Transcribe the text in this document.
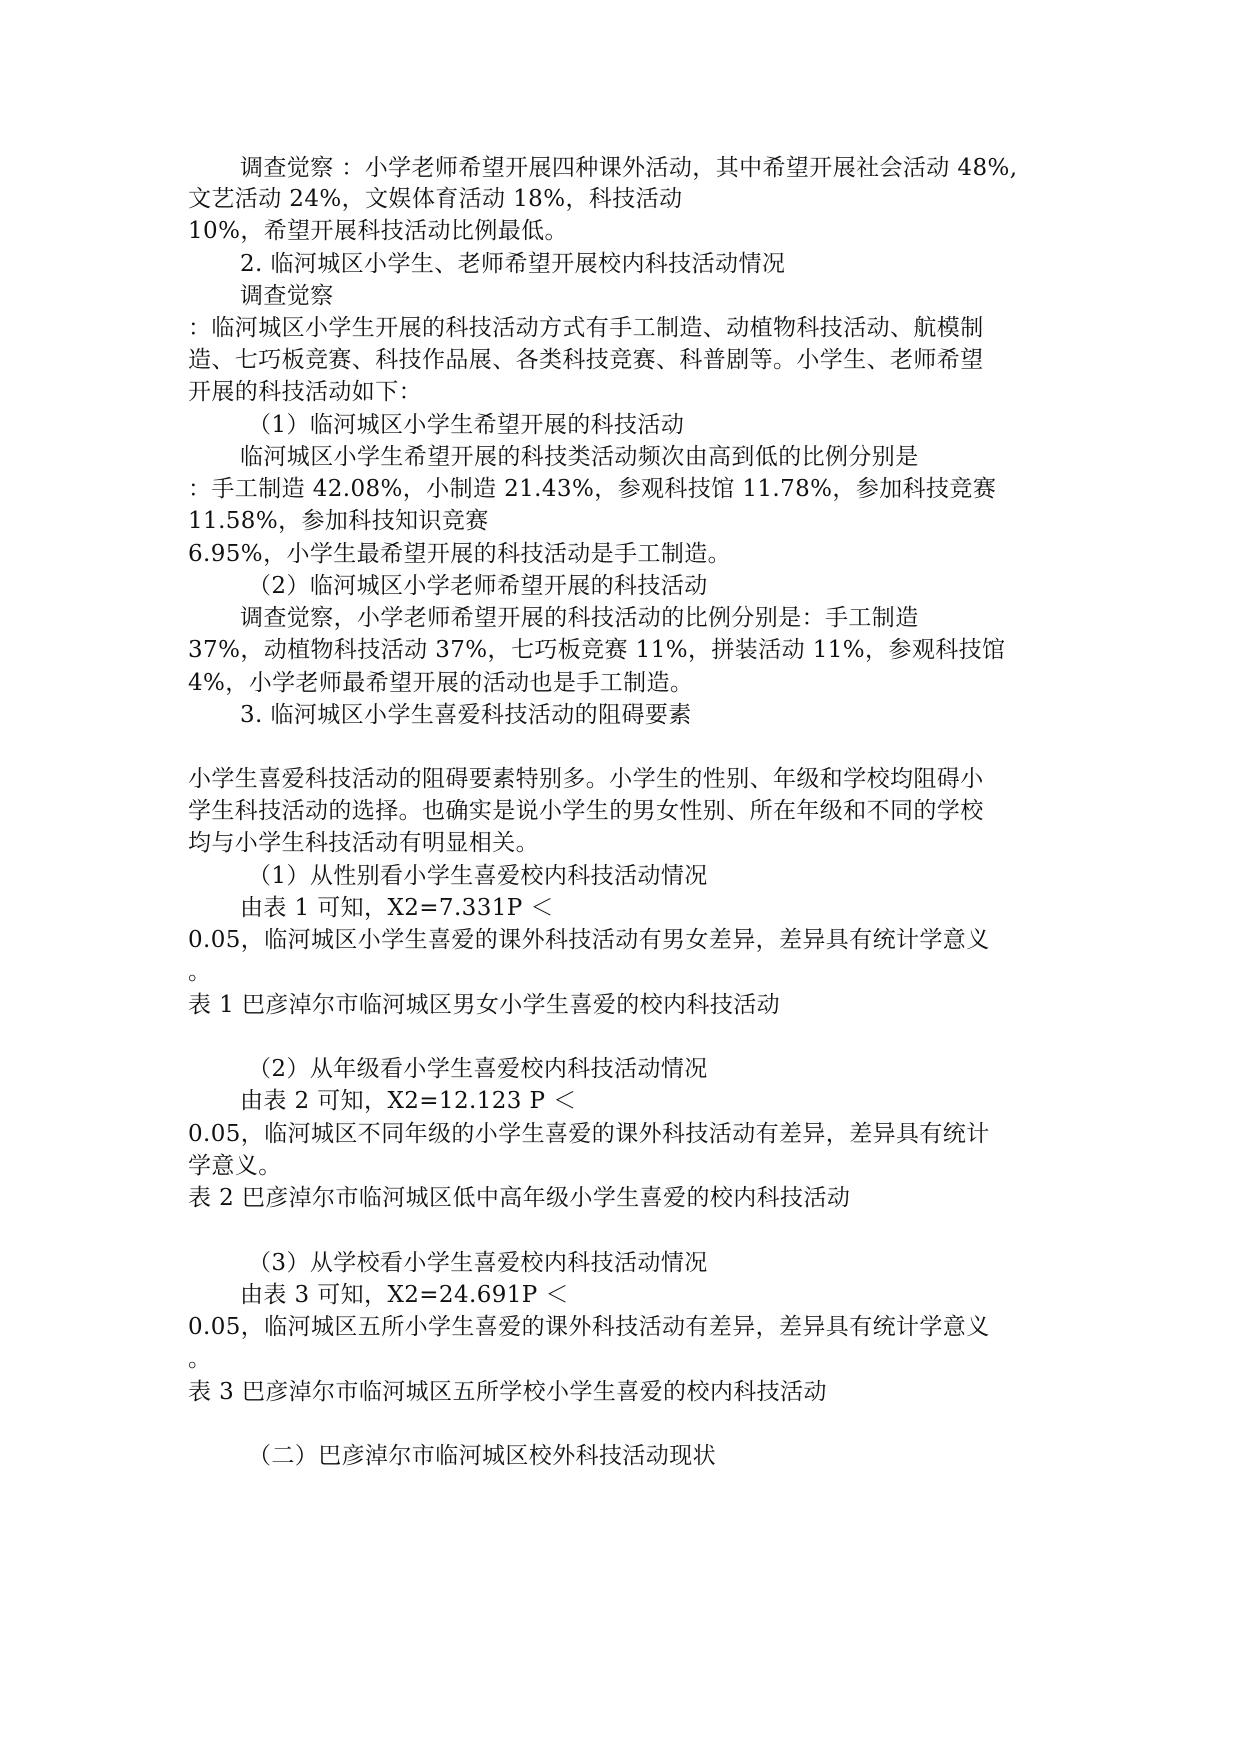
调查觉察 ：小学老师希望开展四种课外活动，其中希望开展社会活动 48%,
文艺活动 24%，文娱体育活动 18%，科技活动
10%，希望开展科技活动比例最低。
2. 临河城区小学生、老师希望开展校内科技活动情况
调查觉察
：临河城区小学生开展的科技活动方式有手工制造、动植物科技活动、航模制
造、七巧板竞赛、科技作品展、各类科技竞赛、科普剧等。小学生、老师希望
开展的科技活动如下：
（1）临河城区小学生希望开展的科技活动
临河城区小学生希望开展的科技类活动频次由高到低的比例分别是
：手工制造 42.08%，小制造 21.43%，参观科技馆 11.78%，参加科技竞赛
11.58%，参加科技知识竞赛
6.95%，小学生最希望开展的科技活动是手工制造。
（2）临河城区小学老师希望开展的科技活动
调查觉察，小学老师希望开展的科技活动的比例分别是：手工制造
37%，动植物科技活动 37%，七巧板竞赛 11%，拼装活动 11%，参观科技馆
4%，小学老师最希望开展的活动也是手工制造。
3. 临河城区小学生喜爱科技活动的阻碍要素
小学生喜爱科技活动的阻碍要素特别多。小学生的性别、年级和学校均阻碍小
学生科技活动的选择。也确实是说小学生的男女性别、所在年级和不同的学校
均与小学生科技活动有明显相关。
（1）从性别看小学生喜爱校内科技活动情况
由表 1 可知，X2=7.331P ＜
0.05，临河城区小学生喜爱的课外科技活动有男女差异，差异具有统计学意义
。
表 1 巴彦淖尔市临河城区男女小学生喜爱的校内科技活动
（2）从年级看小学生喜爱校内科技活动情况
由表 2 可知，X2=12.123 P ＜
0.05，临河城区不同年级的小学生喜爱的课外科技活动有差异，差异具有统计
学意义。
表 2 巴彦淖尔市临河城区低中高年级小学生喜爱的校内科技活动
（3）从学校看小学生喜爱校内科技活动情况
由表 3 可知，X2=24.691P ＜
0.05，临河城区五所小学生喜爱的课外科技活动有差异，差异具有统计学意义
。
表 3 巴彦淖尔市临河城区五所学校小学生喜爱的校内科技活动
（二）巴彦淖尔市临河城区校外科技活动现状
